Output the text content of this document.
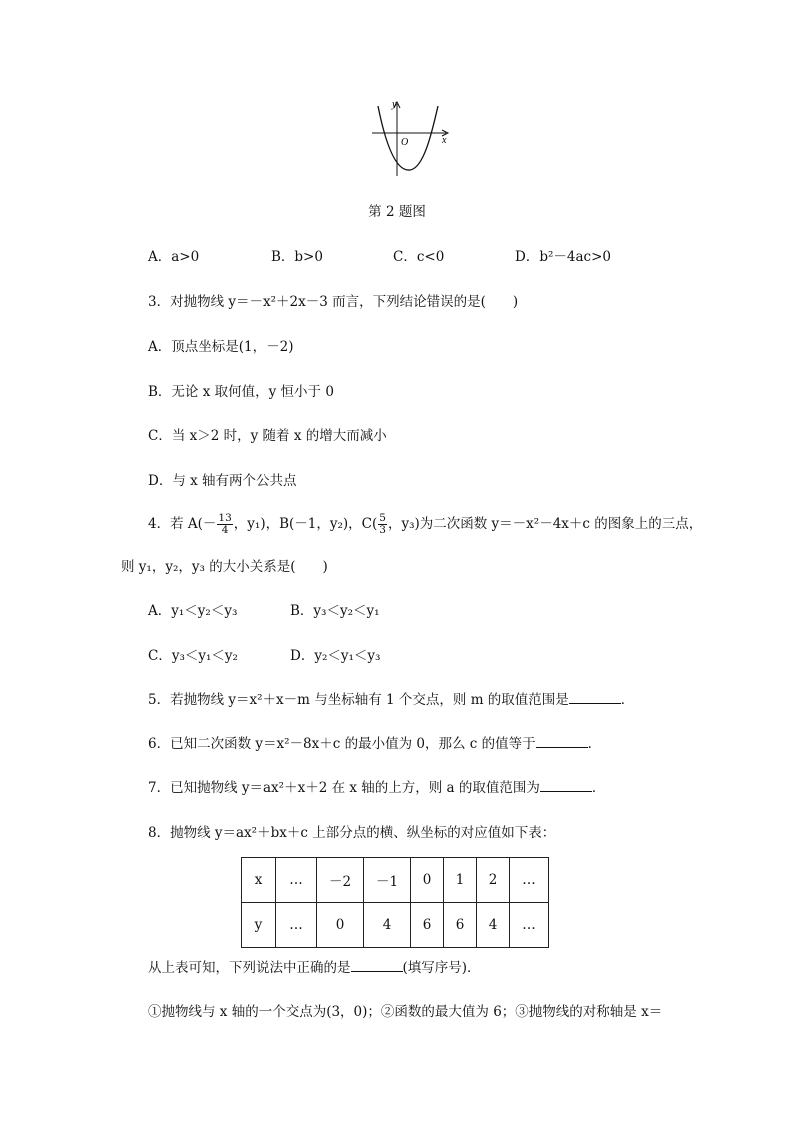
y
x
O
第 2 题图
A．a>0	B．b>0	C．c<0	D．b²－4ac>0
3．对抛物线 y＝－x²＋2x－3 而言，下列结论错误的是(　　)
A．顶点坐标是(1，－2)
B．无论 x 取何值，y 恒小于 0
C．当 x＞2 时，y 随着 x 的增大而减小
D．与 x 轴有两个公共点
4．若 $A(- \frac{13}{4}$ ，y₁)，B(－1，y₂)，$C( \frac{5}{3}$ ，y₃)为二次函数 y＝－x²－4x＋c 的图象上的三点，
则 y₁，y₂，y₃ 的大小关系是(　　)
A．y₁＜y₂＜y₃	B．y₃＜y₂＜y₁
C．y₃＜y₁＜y₂	D．y₂＜y₁＜y₃
5．若抛物线 y＝x²＋x－m 与坐标轴有 1 个交点，则 m 的取值范围是	．
6．已知二次函数 y＝x²－8x＋c 的最小值为 0，那么 c 的值等于	．
7．已知抛物线 y＝ax²＋x＋2 在 x 轴的上方，则 a 的取值范围为	．
8．抛物线 y＝ax²＋bx＋c 上部分点的横、纵坐标的对应值如下表：
x	…	－2	－1	0	1	2	…
y	…	0	4	6	6	4	…
从上表可知，下列说法中正确的是	(填写序号)．
①抛物线与 x 轴的一个交点为(3，0)；②函数的最大值为 6；③抛物线的对称轴是 x＝
